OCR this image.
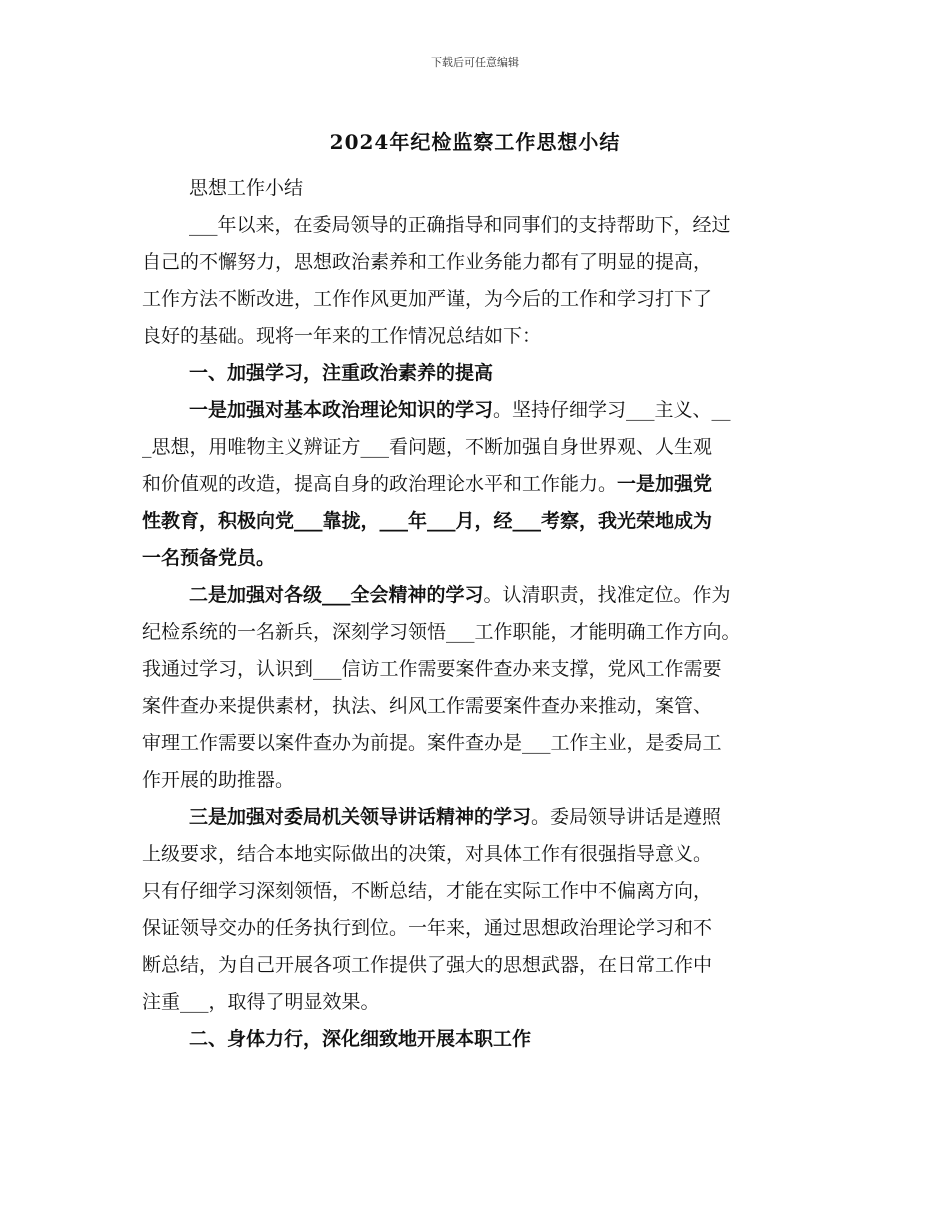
下载后可任意编辑
2024年纪检监察工作思想小结
思想工作小结
___年以来，在委局领导的正确指导和同事们的支持帮助下，经过
自己的不懈努力，思想政治素养和工作业务能力都有了明显的提高，
工作方法不断改进，工作作风更加严谨，为今后的工作和学习打下了
良好的基础。现将一年来的工作情况总结如下：
一、加强学习，注重政治素养的提高
一是加强对基本政治理论知识的学习。坚持仔细学习___主义、__
_思想，用唯物主义辨证方___看问题，不断加强自身世界观、人生观
和价值观的改造，提高自身的政治理论水平和工作能力。一是加强党
性教育，积极向党___靠拢，___年___月，经___考察，我光荣地成为
一名预备党员。
二是加强对各级___全会精神的学习。认清职责，找准定位。作为
纪检系统的一名新兵，深刻学习领悟___工作职能，才能明确工作方向。
我通过学习，认识到___信访工作需要案件查办来支撑，党风工作需要
案件查办来提供素材，执法、纠风工作需要案件查办来推动，案管、
审理工作需要以案件查办为前提。案件查办是___工作主业，是委局工
作开展的助推器。
三是加强对委局机关领导讲话精神的学习。委局领导讲话是遵照
上级要求，结合本地实际做出的决策，对具体工作有很强指导意义。
只有仔细学习深刻领悟，不断总结，才能在实际工作中不偏离方向，
保证领导交办的任务执行到位。一年来，通过思想政治理论学习和不
断总结，为自己开展各项工作提供了强大的思想武器，在日常工作中
注重___，取得了明显效果。
二、身体力行，深化细致地开展本职工作
